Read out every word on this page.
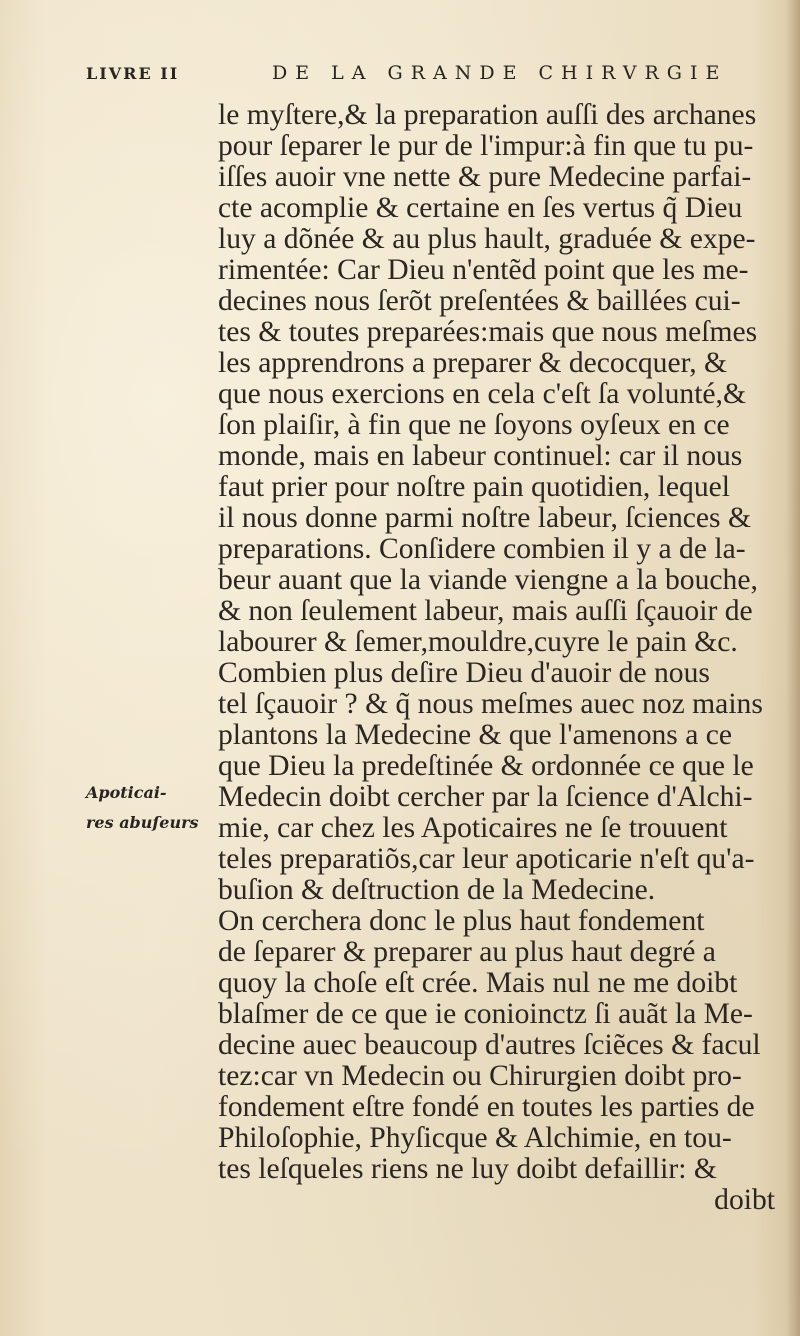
LIVRE II	DE LA GRANDE CHIRVRGIE
Apoticai-
res abuſeurs
le myſtere,& la preparation auſſi des archanes
pour ſeparer le pur de l'impur:à fin que tu pu-
iſſes auoir vne nette & pure Medecine parfai-
cte acomplie & certaine en ſes vertus q̃ Dieu
luy a dõnée & au plus hault, graduée & expe-
rimentée: Car Dieu n'entẽd point que les me-
decines nous ſerõt preſentées & baillées cui-
tes & toutes preparées:mais que nous meſmes
les apprendrons a preparer & decocquer, &
que nous exercions en cela c'eſt ſa volunté,&
ſon plaiſir, à fin que ne ſoyons oyſeux en ce
monde, mais en labeur continuel: car il nous
faut prier pour noſtre pain quotidien, lequel
il nous donne parmi noſtre labeur, ſciences &
preparations. Conſidere combien il y a de la-
beur auant que la viande viengne a la bouche,
& non ſeulement labeur, mais auſſi ſçauoir de
labourer & ſemer,mouldre,cuyre le pain &c.
Combien plus deſire Dieu d'auoir de nous
tel ſçauoir ? & q̃ nous meſmes auec noz mains
plantons la Medecine & que l'amenons a ce
que Dieu la predeſtinée & ordonnée ce que le
Medecin doibt cercher par la ſcience d'Alchi-
mie, car chez les Apoticaires ne ſe trouuent
teles preparatiõs,car leur apoticarie n'eſt qu'a-
buſion & deſtruction de la Medecine.
On cerchera donc le plus haut fondement
de ſeparer & preparer au plus haut degré a
quoy la choſe eſt crée. Mais nul ne me doibt
blaſmer de ce que ie conioinctz ſi auãt la Me-
decine auec beaucoup d'autres ſciẽces & facul
tez:car vn Medecin ou Chirurgien doibt pro-
fondement eſtre fondé en toutes les parties de
Philoſophie, Phyſicque & Alchimie, en tou-
tes leſqueles riens ne luy doibt defaillir: &
doibt
